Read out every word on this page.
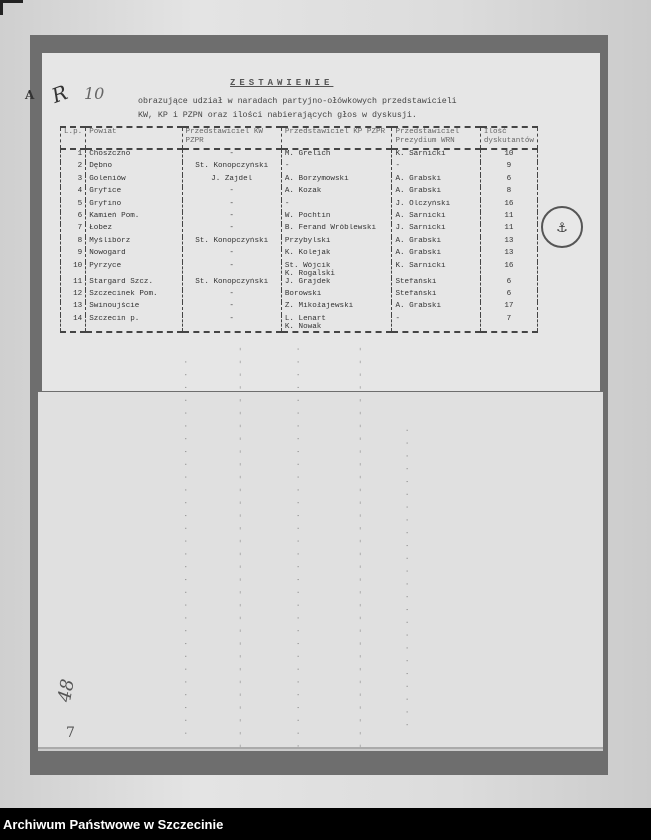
A R 10
ZESTAWIENIE
obrazujące udział w naradach partyjno-ołówkowych przedstawicieli
KW, KP i PZPN oraz ilości nabierających głos w dyskusji.
L.p.	Powiat	Przedstawiciel KW PZPR	Przedstawiciel KP PZPR	Przedstawiciel Prezydium WRN	Ilość dyskutantów
1	Choszczno	-	M. Grelich	K. Sarnicki	10
2	Dębno	St. Konopczyński	-	-	9
3	Goleniów	J. Zajdel	A. Borzymowski	A. Grabski	6
4	Gryfice	-	A. Kozak	A. Grabski	8
5	Gryfino	-	-	J. Olczyński	16
6	Kamień Pom.	-	W. Pochtin	A. Sarnicki	11
7	Łobez	-	B. Ferand Wróblewski	J. Sarnicki	11
8	Myślibórz	St. Konopczyński	Przybylski	A. Grabski	13
9	Nowogard	-	K. Kolejak	A. Grabski	13
10	Pyrzyce	-	St. Wójcik
K. Rogalski	K. Sarnicki	16
11	Stargard Szcz.	St. Konopczyński	J. Grajdek	Stefański	6
12	Szczecinek Pom.	-	Borowski	Stefański	6
13	Świnoujście	-	Z. Mikołajewski	A. Grabski	17
14	Szczecin p.	-	L. Lenart
K. Nowak	-	7
⚓
. . . . . . . . . . . . . . . . . . . . . . . . . . . . . .	- - - - - - - - - - - - - - - - - - - - - - - - - - - - - - - -	. . . . . . . . . . . . . . . . . . . . . . . . . . . . . . . .	- - - - - - - - - - - - - - - - - - - - - - - - - - - - - - - -	. . . . . . . . . . . . . . . . . . . . . . . .
48
7
Archiwum Państwowe w Szczecinie
